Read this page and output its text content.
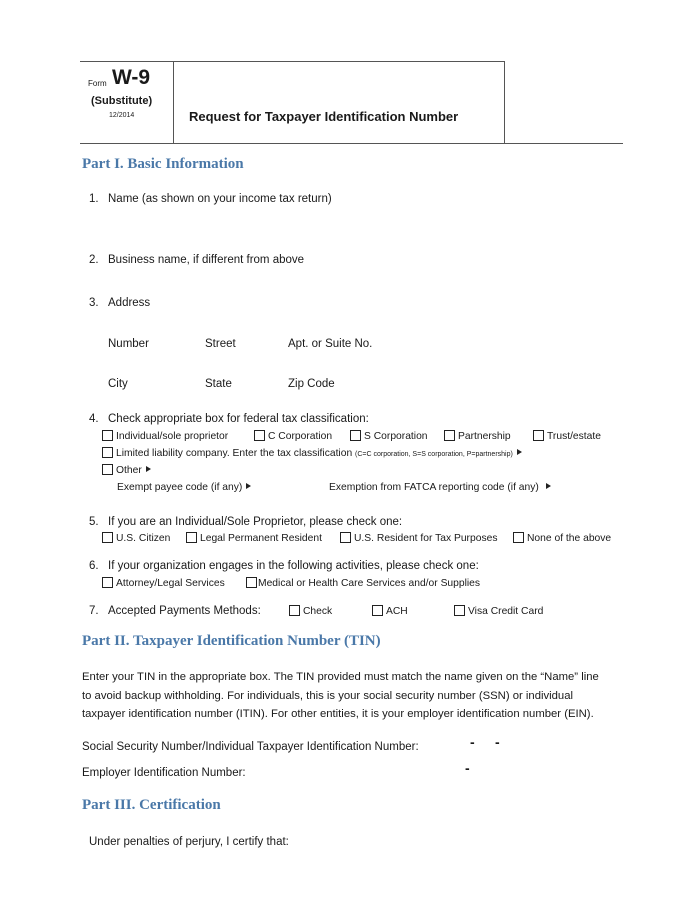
Form W-9
(Substitute)
12/2014	Request for Taxpayer Identification Number
Part I. Basic Information
1. Name (as shown on your income tax return)
2. Business name, if different from above
3. Address
Number	Street	Apt. or Suite No.
City	State	Zip Code
4. Check appropriate box for federal tax classification:
Individual/sole proprietor	C Corporation	S Corporation	Partnership	Trust/estate
Limited liability company. Enter the tax classification (C=C corporation, S=S corporation, P=partnership)
Other
Exempt payee code (if any)	Exemption from FATCA reporting code (if any)
5. If you are an Individual/Sole Proprietor, please check one:
U.S. Citizen	Legal Permanent Resident	U.S. Resident for Tax Purposes	None of the above
6. If your organization engages in the following activities, please check one:
Attorney/Legal Services	Medical or Health Care Services and/or Supplies
7. Accepted Payments Methods:	Check	ACH	Visa Credit Card
Part II. Taxpayer Identification Number (TIN)
Enter your TIN in the appropriate box. The TIN provided must match the name given on the “Name” line
to avoid backup withholding. For individuals, this is your social security number (SSN) or individual
taxpayer identification number (ITIN). For other entities, it is your employer identification number (EIN).
Social Security Number/Individual Taxpayer Identification Number:	- -
Employer Identification Number:	-
Part III. Certification
Under penalties of perjury, I certify that:
